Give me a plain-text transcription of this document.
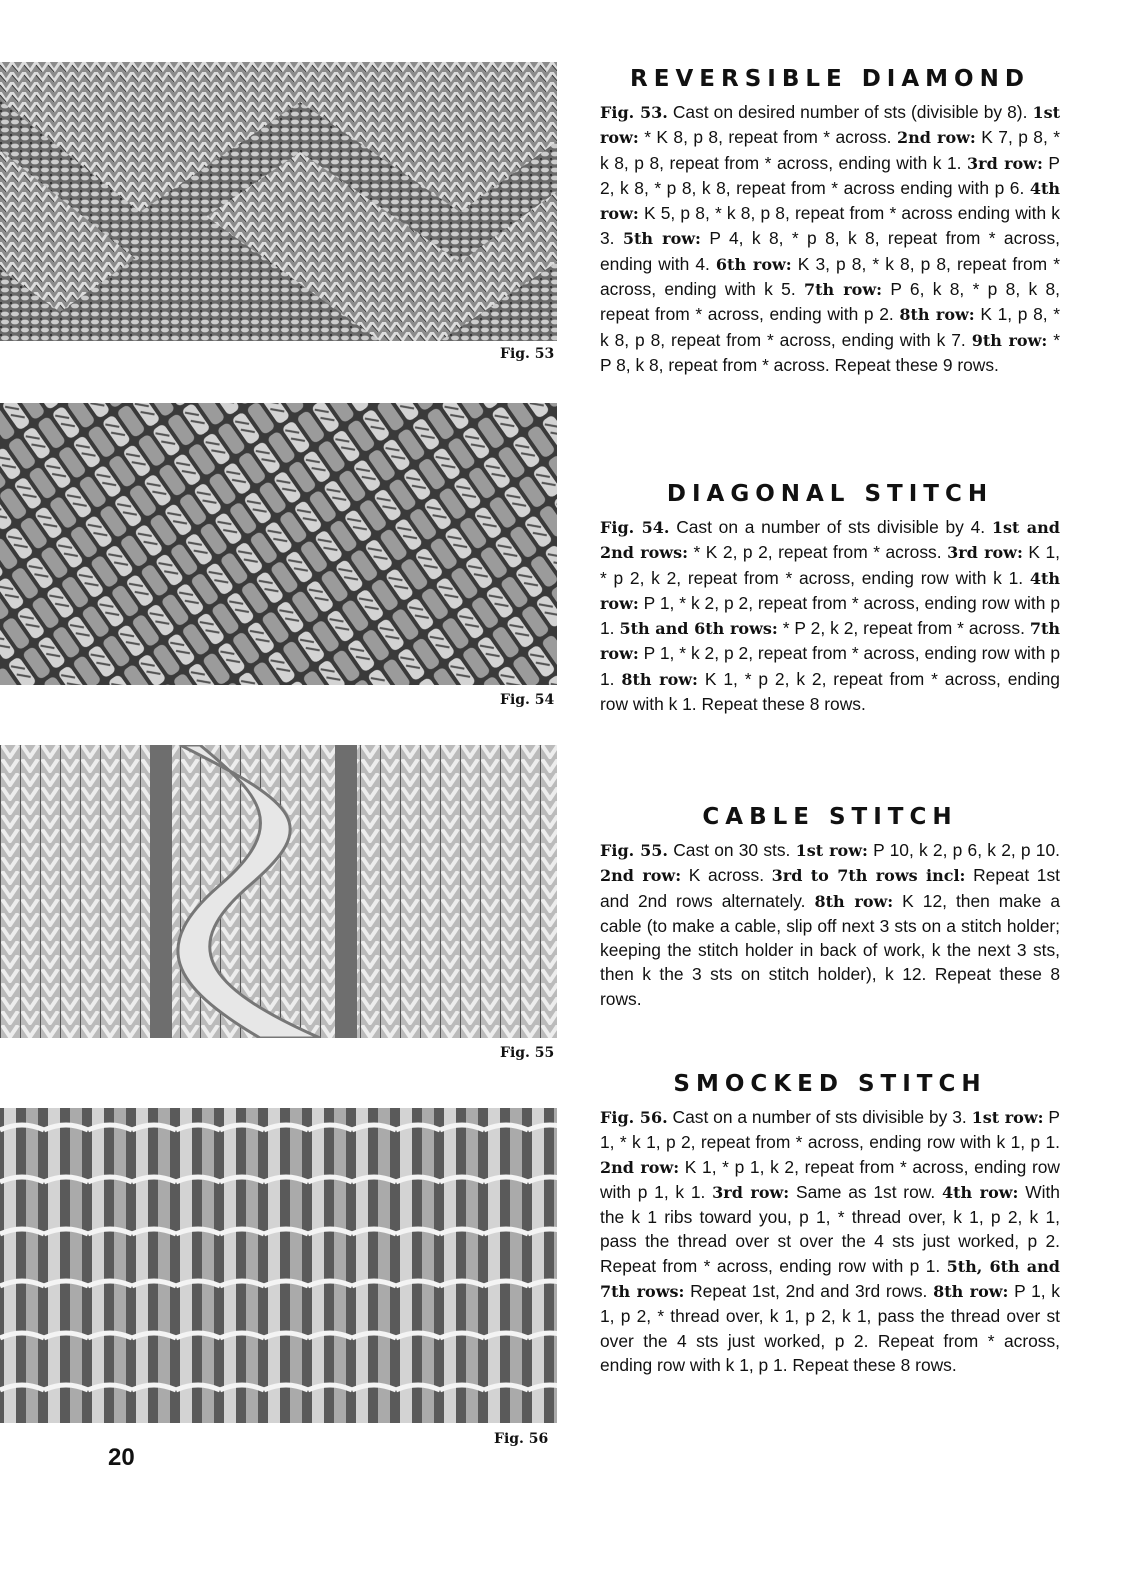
Fig. 53
Fig. 54
Fig. 55
Fig. 56
REVERSIBLE DIAMOND

Fig. 53. Cast on desired number of sts (divisible by 8). 1st row: * K 8, p 8, repeat from * across. 2nd row: K 7, p 8, * k 8, p 8, repeat from * across, ending with k 1. 3rd row: P 2, k 8, * p 8, k 8, repeat from * across ending with p 6. 4th row: K 5, p 8, * k 8, p 8, repeat from * across ending with k 3. 5th row: P 4, k 8, * p 8, k 8, repeat from * across, ending with 4. 6th row: K 3, p 8, * k 8, p 8, repeat from * across, ending with k 5. 7th row: P 6, k 8, * p 8, k 8, repeat from * across, ending with p 2. 8th row: K 1, p 8, * k 8, p 8, repeat from * across, ending with k 7. 9th row: * P 8, k 8, repeat from * across. Repeat these 9 rows.

DIAGONAL STITCH

Fig. 54. Cast on a number of sts divisible by 4. 1st and 2nd rows: * K 2, p 2, repeat from * across. 3rd row: K 1, * p 2, k 2, repeat from * across, ending row with k 1. 4th row: P 1, * k 2, p 2, repeat from * across, ending row with p 1. 5th and 6th rows: * P 2, k 2, repeat from * across. 7th row: P 1, * k 2, p 2, repeat from * across, ending row with p 1. 8th row: K 1, * p 2, k 2, repeat from * across, ending row with k 1. Repeat these 8 rows.

CABLE STITCH

Fig. 55. Cast on 30 sts. 1st row: P 10, k 2, p 6, k 2, p 10. 2nd row: K across. 3rd to 7th rows incl: Repeat 1st and 2nd rows alternately. 8th row: K 12, then make a cable (to make a cable, slip off next 3 sts on a stitch holder; keeping the stitch holder in back of work, k the next 3 sts, then k the 3 sts on stitch holder), k 12. Repeat these 8 rows.

SMOCKED STITCH

Fig. 56. Cast on a number of sts divisible by 3. 1st row: P 1, * k 1, p 2, repeat from * across, ending row with k 1, p 1. 2nd row: K 1, * p 1, k 2, repeat from * across, ending row with p 1, k 1. 3rd row: Same as 1st row. 4th row: With the k 1 ribs toward you, p 1, * thread over, k 1, p 2, k 1, pass the thread over st over the 4 sts just worked, p 2. Repeat from * across, ending row with p 1. 5th, 6th and 7th rows: Repeat 1st, 2nd and 3rd rows. 8th row: P 1, k 1, p 2, * thread over, k 1, p 2, k 1, pass the thread over st over the 4 sts just worked, p 2. Repeat from * across, ending row with k 1, p 1. Repeat these 8 rows.

20
